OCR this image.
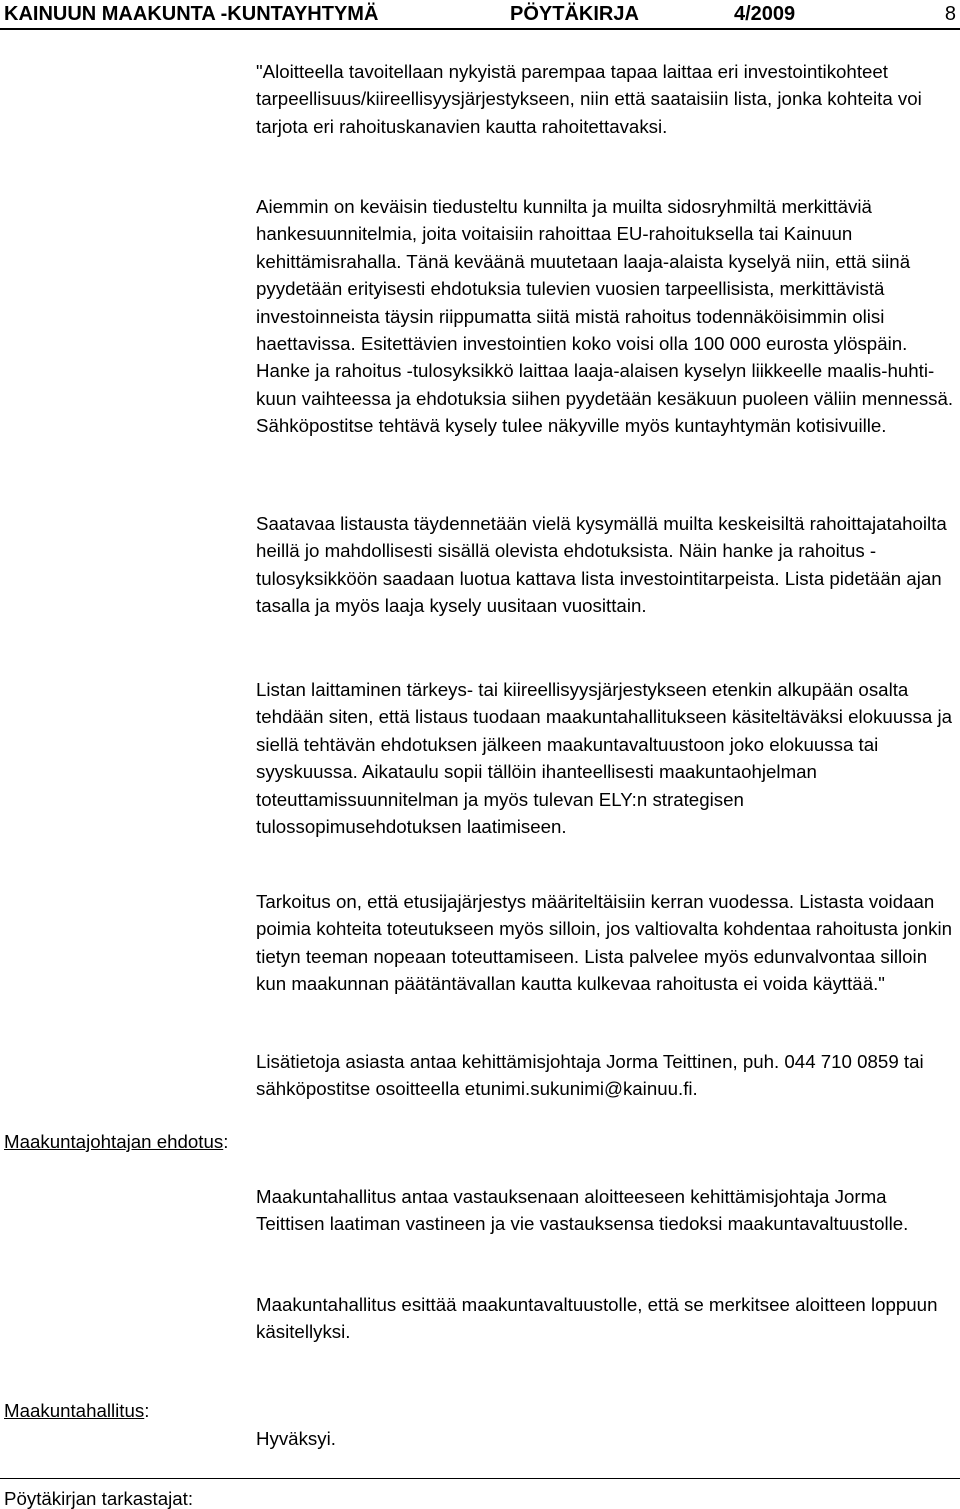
KAINUUN MAAKUNTA -KUNTAYHTYMÄ	PÖYTÄKIRJA	4/2009	8
Maakuntajohtajan ehdotus:
Maakuntahallitus:

"Aloitteella tavoitellaan nykyistä parempaa tapaa laittaa eri investointikohteet tarpeellisuus/kiireellisyysjärjestykseen, niin että saataisiin lista, jonka kohteita voi tarjota eri rahoituskanavien kautta rahoitettavaksi.

Aiemmin on keväisin tiedusteltu kunnilta ja muilta sidosryhmiltä merkittäviä hankesuunnitelmia, joita voitaisiin rahoittaa EU-rahoituksella tai Kainuun kehittämisrahalla. Tänä keväänä muutetaan laaja-alaista kyselyä niin, että siinä pyydetään erityisesti ehdotuksia tulevien vuosien tarpeellisista, merkittävistä investoinneista täysin riippumatta siitä mistä rahoitus todennäköisimmin olisi haettavissa. Esitettävien investointien koko voisi olla 100 000 eurosta ylöspäin. Hanke ja rahoitus -tulosyksikkö laittaa laaja-alaisen kyselyn liikkeelle maalis-huhtikuun vaihteessa ja ehdotuksia siihen pyydetään kesäkuun puoleen väliin mennessä. Sähköpostitse tehtävä kysely tulee näkyville myös kuntayhtymän kotisivuille.

Saatavaa listausta täydennetään vielä kysymällä muilta keskeisiltä rahoittajatahoilta heillä jo mahdollisesti sisällä olevista ehdotuksista. Näin hanke ja rahoitus -tulosyksikköön saadaan luotua kattava lista investointitarpeista. Lista pidetään ajan tasalla ja myös laaja kysely uusitaan vuosittain.

Listan laittaminen tärkeys- tai kiireellisyysjärjestykseen etenkin alkupään osalta tehdään siten, että listaus tuodaan maakuntahallitukseen käsiteltäväksi elokuussa ja siellä tehtävän ehdotuksen jälkeen maakuntavaltuustoon joko elokuussa tai syyskuussa. Aikataulu sopii tällöin ihanteellisesti maakuntaohjelman toteuttamissuunnitelman ja myös tulevan ELY:n strategisen tulossopimusehdotuksen laatimiseen.

Tarkoitus on, että etusijajärjestys määriteltäisiin kerran vuodessa. Listasta voidaan poimia kohteita toteutukseen myös silloin, jos valtiovalta kohdentaa rahoitusta jonkin tietyn teeman nopeaan toteuttamiseen. Lista palvelee myös edunvalvontaa silloin kun maakunnan päätäntävallan kautta kulkevaa rahoitusta ei voida käyttää."

Lisätietoja asiasta antaa kehittämisjohtaja Jorma Teittinen, puh. 044 710 0859 tai sähköpostitse osoitteella etunimi.sukunimi@kainuu.fi.

Maakuntahallitus antaa vastauksenaan aloitteeseen kehittämisjohtaja Jorma Teittisen laatiman vastineen ja vie vastauksensa tiedoksi maakuntavaltuustolle.

Maakuntahallitus esittää maakuntavaltuustolle, että se merkitsee aloitteen loppuun käsitellyksi.

Hyväksyi.

Pöytäkirjan tarkastajat:
